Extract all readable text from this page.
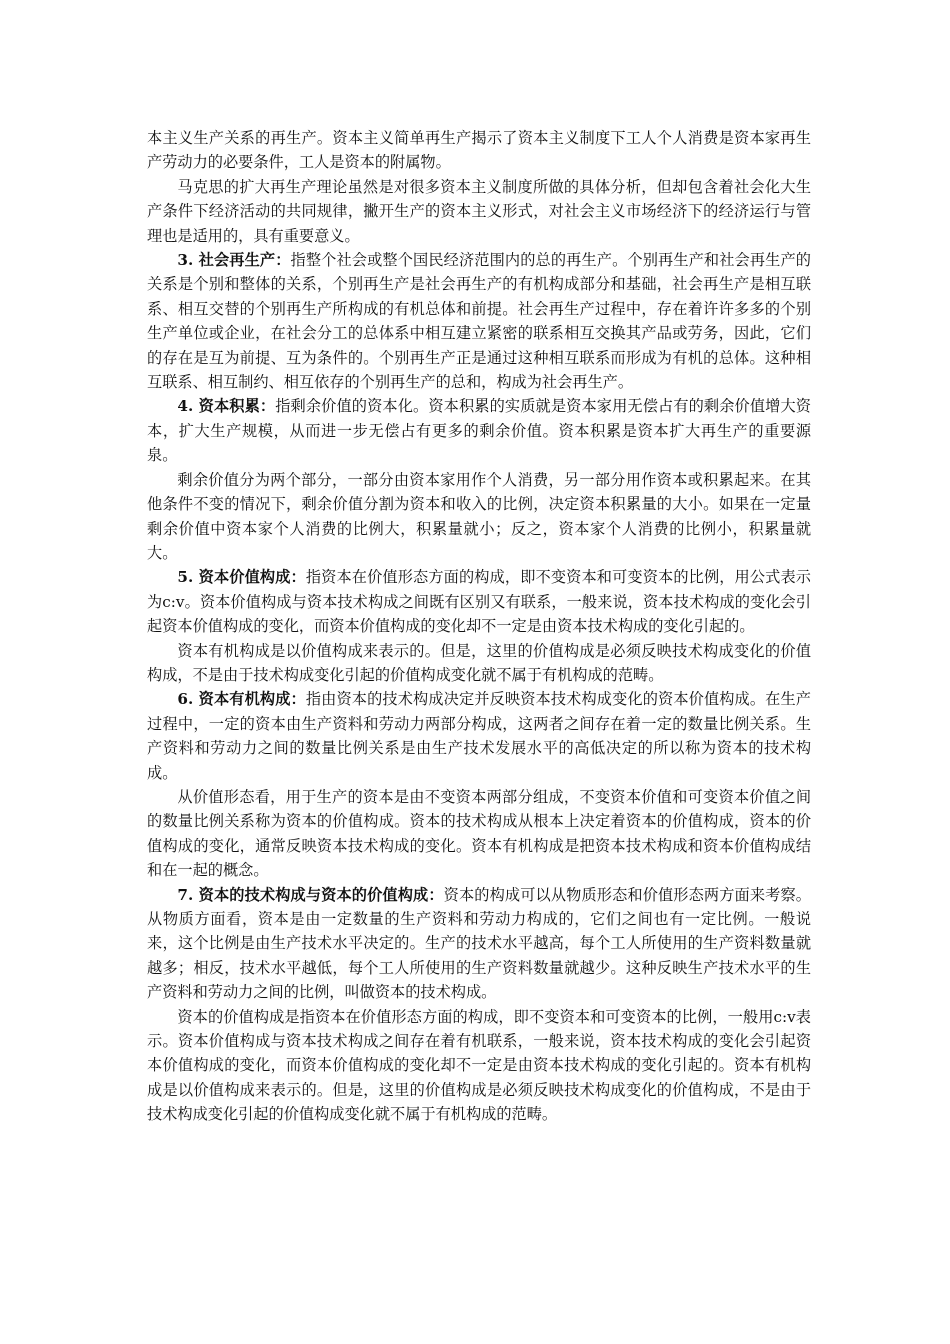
本主义生产关系的再生产。资本主义简单再生产揭示了资本主义制度下工人个人消费是资本家再生产劳动力的必要条件，工人是资本的附属物。

马克思的扩大再生产理论虽然是对很多资本主义制度所做的具体分析，但却包含着社会化大生产条件下经济活动的共同规律，撇开生产的资本主义形式，对社会主义市场经济下的经济运行与管理也是适用的，具有重要意义。

3. 社会再生产：指整个社会或整个国民经济范围内的总的再生产。个别再生产和社会再生产的关系是个别和整体的关系，个别再生产是社会再生产的有机构成部分和基础，社会再生产是相互联系、相互交替的个别再生产所构成的有机总体和前提。社会再生产过程中，存在着许许多多的个别生产单位或企业，在社会分工的总体系中相互建立紧密的联系相互交换其产品或劳务，因此，它们的存在是互为前提、互为条件的。个别再生产正是通过这种相互联系而形成为有机的总体。这种相互联系、相互制约、相互依存的个别再生产的总和，构成为社会再生产。

4. 资本积累：指剩余价值的资本化。资本积累的实质就是资本家用无偿占有的剩余价值增大资本，扩大生产规模，从而进一步无偿占有更多的剩余价值。资本积累是资本扩大再生产的重要源泉。

剩余价值分为两个部分，一部分由资本家用作个人消费，另一部分用作资本或积累起来。在其他条件不变的情况下，剩余价值分割为资本和收入的比例，决定资本积累量的大小。如果在一定量剩余价值中资本家个人消费的比例大，积累量就小；反之，资本家个人消费的比例小，积累量就大。

5. 资本价值构成：指资本在价值形态方面的构成，即不变资本和可变资本的比例，用公式表示为c:v。资本价值构成与资本技术构成之间既有区别又有联系，一般来说，资本技术构成的变化会引起资本价值构成的变化，而资本价值构成的变化却不一定是由资本技术构成的变化引起的。

资本有机构成是以价值构成来表示的。但是，这里的价值构成是必须反映技术构成变化的价值构成，不是由于技术构成变化引起的价值构成变化就不属于有机构成的范畴。

6. 资本有机构成：指由资本的技术构成决定并反映资本技术构成变化的资本价值构成。在生产过程中，一定的资本由生产资料和劳动力两部分构成，这两者之间存在着一定的数量比例关系。生产资料和劳动力之间的数量比例关系是由生产技术发展水平的高低决定的所以称为资本的技术构成。

从价值形态看，用于生产的资本是由不变资本两部分组成，不变资本价值和可变资本价值之间的数量比例关系称为资本的价值构成。资本的技术构成从根本上决定着资本的价值构成，资本的价值构成的变化，通常反映资本技术构成的变化。资本有机构成是把资本技术构成和资本价值构成结和在一起的概念。

7. 资本的技术构成与资本的价值构成：资本的构成可以从物质形态和价值形态两方面来考察。从物质方面看，资本是由一定数量的生产资料和劳动力构成的，它们之间也有一定比例。一般说来，这个比例是由生产技术水平决定的。生产的技术水平越高，每个工人所使用的生产资料数量就越多；相反，技术水平越低，每个工人所使用的生产资料数量就越少。这种反映生产技术水平的生产资料和劳动力之间的比例，叫做资本的技术构成。

资本的价值构成是指资本在价值形态方面的构成，即不变资本和可变资本的比例，一般用c:v表示。资本价值构成与资本技术构成之间存在着有机联系，一般来说，资本技术构成的变化会引起资本价值构成的变化，而资本价值构成的变化却不一定是由资本技术构成的变化引起的。资本有机构成是以价值构成来表示的。但是，这里的价值构成是必须反映技术构成变化的价值构成，不是由于技术构成变化引起的价值构成变化就不属于有机构成的范畴。
